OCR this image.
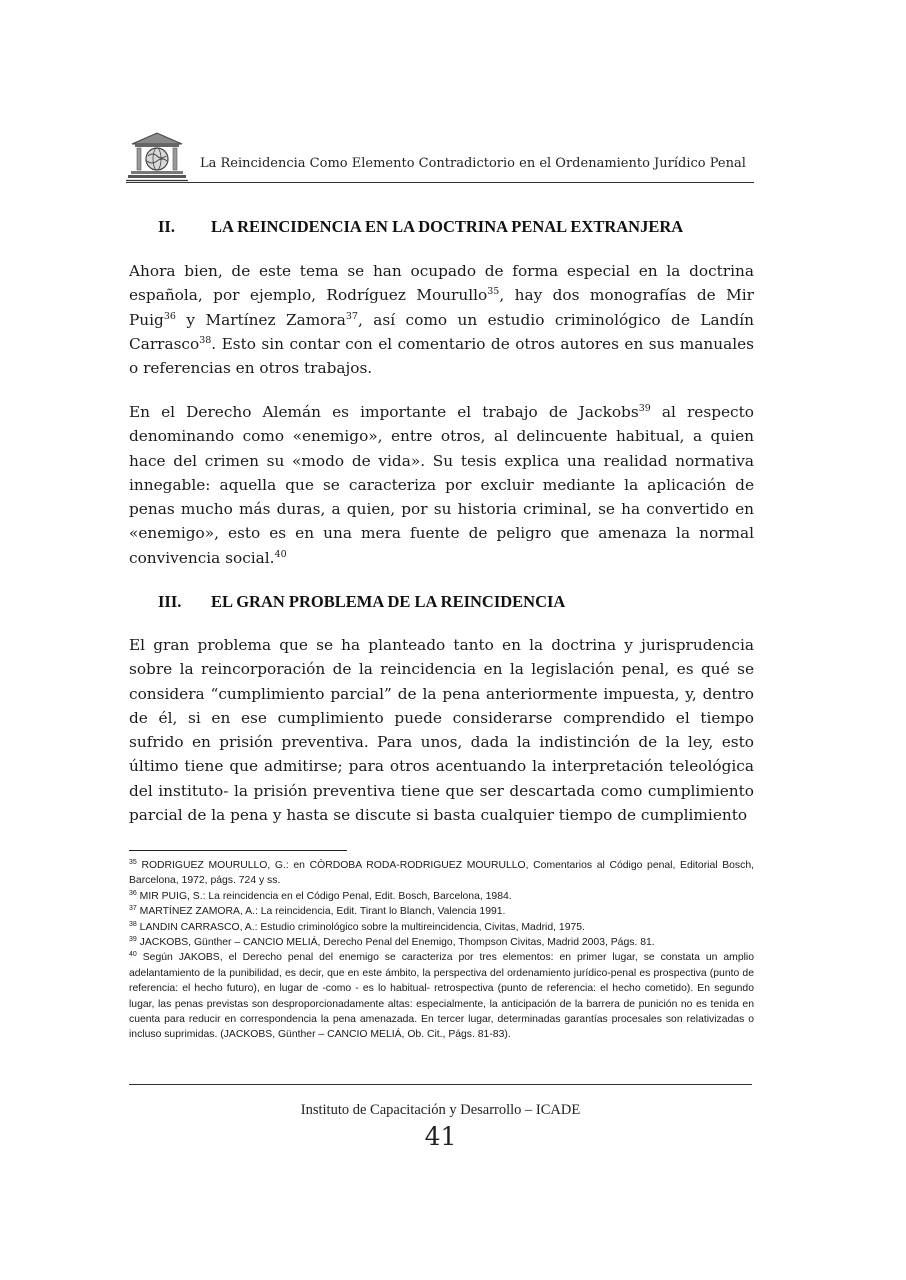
La Reincidencia Como Elemento Contradictorio en el Ordenamiento Jurídico Penal
II. LA REINCIDENCIA EN LA DOCTRINA PENAL EXTRANJERA

Ahora bien, de este tema se han ocupado de forma especial en la doctrina española, por ejemplo, Rodríguez Mourullo$^{35}$, hay dos monografías de Mir Puig$^{36}$ y Martínez Zamora$^{37}$, así como un estudio criminológico de Landín Carrasco$^{38}$. Esto sin contar con el comentario de otros autores en sus manuales o referencias en otros trabajos.

En el Derecho Alemán es importante el trabajo de Jackobs$^{39}$ al respecto denominando como «enemigo», entre otros, al delincuente habitual, a quien hace del crimen su «modo de vida». Su tesis explica una realidad normativa innegable: aquella que se caracteriza por excluir mediante la aplicación de penas mucho más duras, a quien, por su historia criminal, se ha convertido en «enemigo», esto es en una mera fuente de peligro que amenaza la normal convivencia social.$^{40}$

III. EL GRAN PROBLEMA DE LA REINCIDENCIA

El gran problema que se ha planteado tanto en la doctrina y jurisprudencia sobre la reincorporación de la reincidencia en la legislación penal, es qué se considera “cumplimiento parcial” de la pena anteriormente impuesta, y, dentro de él, si en ese cumplimiento puede considerarse comprendido el tiempo sufrido en prisión preventiva. Para unos, dada la indistinción de la ley, esto último tiene que admitirse; para otros acentuando la interpretación teleológica del instituto- la prisión preventiva tiene que ser descartada como cumplimiento parcial de la pena y hasta se discute si basta cualquier tiempo de cumplimiento

$^{35}$ RODRIGUEZ MOURULLO, G.: en CÒRDOBA RODA-RODRIGUEZ MOURULLO, Comentarios al Código penal, Editorial Bosch, Barcelona, 1972, págs. 724 y ss.

$^{36}$ MIR PUIG, S.: La reincidencia en el Código Penal, Edit. Bosch, Barcelona, 1984.

$^{37}$ MARTÍNEZ ZAMORA, A.: La reincidencia, Edit. Tirant lo Blanch, Valencia 1991.

$^{38}$ LANDIN CARRASCO, A.: Estudio criminológico sobre la multireincidencia, Civitas, Madrid, 1975.

$^{39}$ JACKOBS, Günther – CANCIO MELIÁ, Derecho Penal del Enemigo, Thompson Civitas, Madrid 2003, Págs. 81.

$^{40}$ Según JAKOBS, el Derecho penal del enemigo se caracteriza por tres elementos: en primer lugar, se constata un amplio adelantamiento de la punibilidad, es decir, que en este ámbito, la perspectiva del ordenamiento jurídico-penal es prospectiva (punto de referencia: el hecho futuro), en lugar de -como - es lo habitual- retrospectiva (punto de referencia: el hecho cometido). En segundo lugar, las penas previstas son desproporcionadamente altas: especialmente, la anticipación de la barrera de punición no es tenida en cuenta para reducir en correspondencia la pena amenazada. En tercer lugar, determinadas garantías procesales son relativizadas o incluso suprimidas. (JACKOBS, Günther – CANCIO MELIÁ, Ob. Cit., Págs. 81-83).

Instituto de Capacitación y Desarrollo – ICADE
41
